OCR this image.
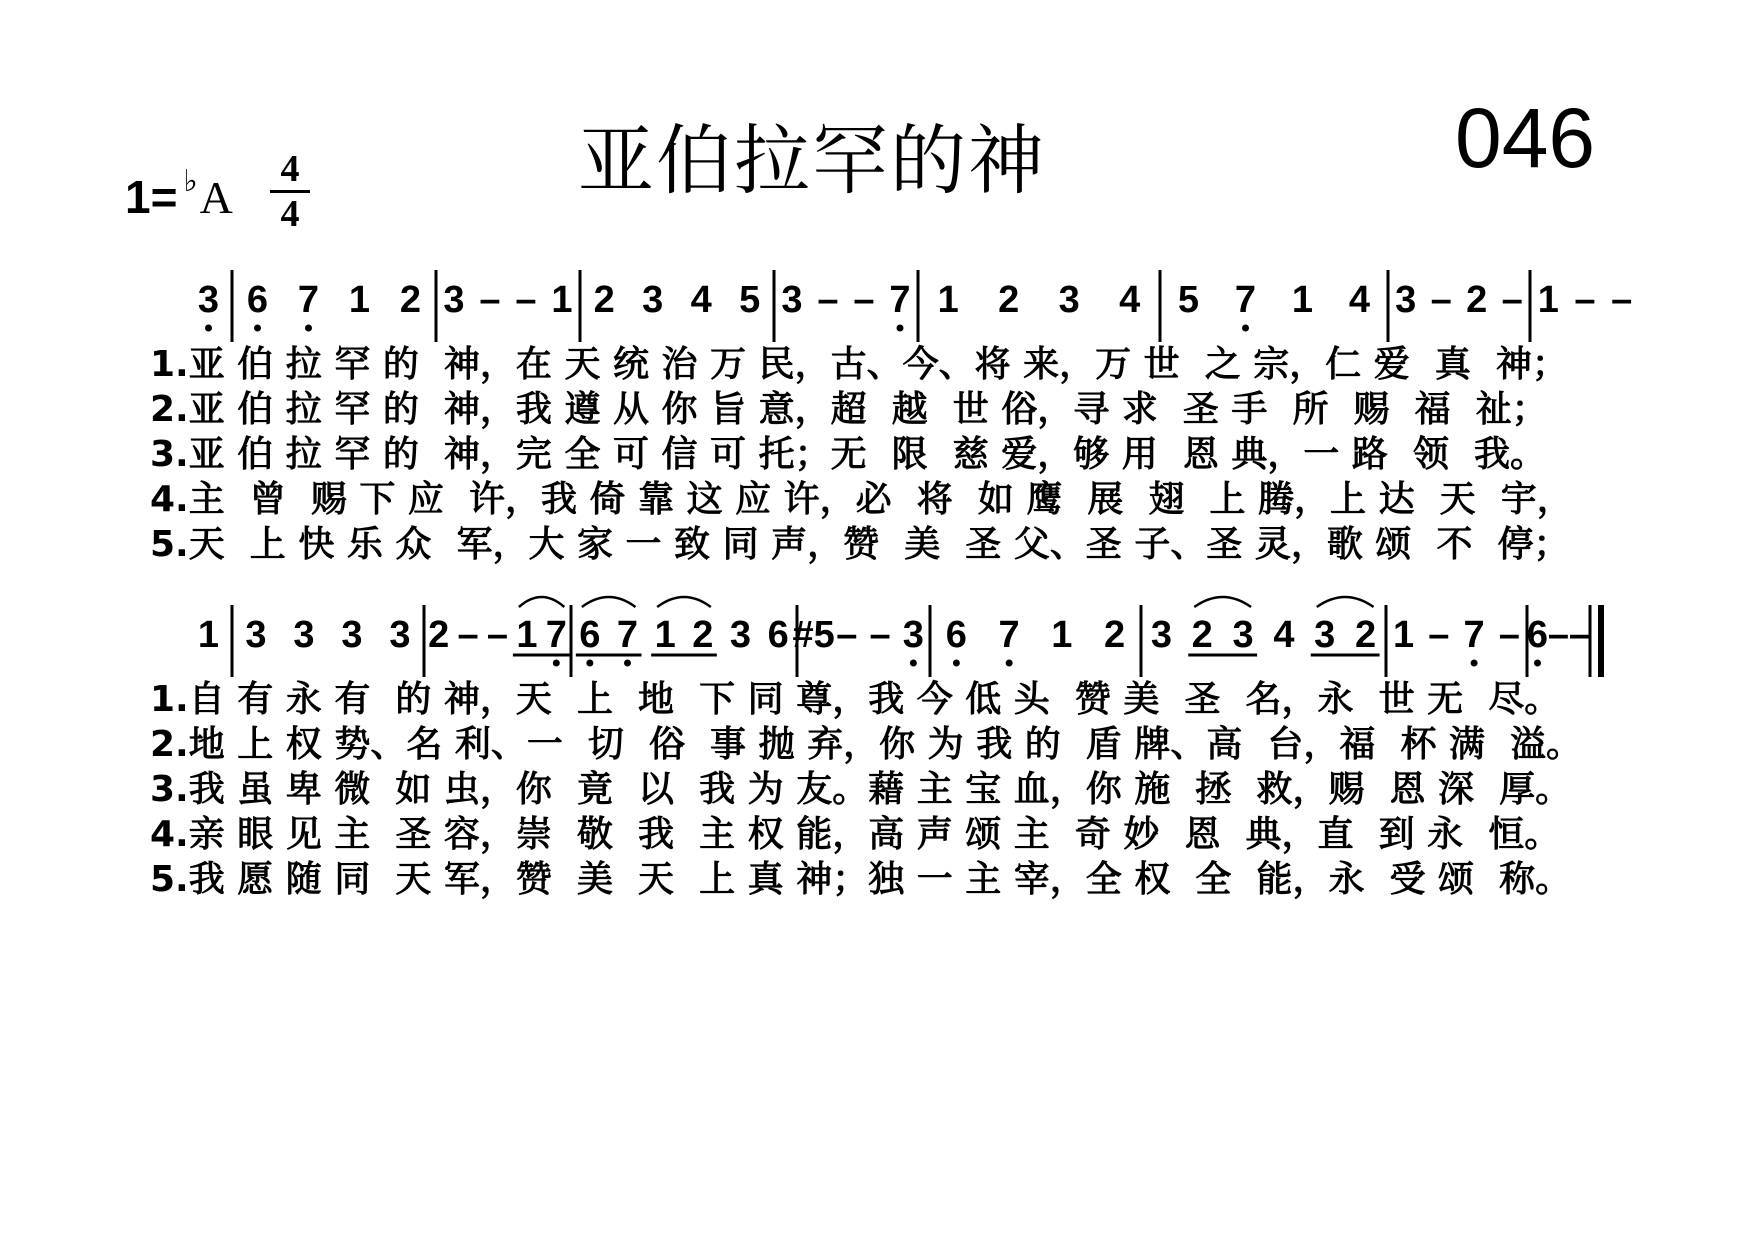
亚伯拉罕的神	046
1= ♭ A
4
4
3 6 7 1 2 3 – – 1 2 3 4 5 3 – – 7 1 2 3 4 5 7 1 4 3 – 2 – 1 – –
1 3 3 3 3 2 – – 1 7 6 7 1 2 3 6 #5 – – 3 6 7 1 2 3 2 3 4 3 2 1 – 7 – 6 – –
1.亚 伯 拉 罕 的  神，在 天 统 治 万 民，古、今、将 来，万 世  之 宗，仁 爱  真  神；
2.亚 伯 拉 罕 的  神，我 遵 从 你 旨 意，超  越  世 俗，寻 求  圣 手  所  赐  福  祉；
3.亚 伯 拉 罕 的  神，完 全 可 信 可 托；无  限  慈 爱，够 用  恩 典，一 路  领  我。
4.主  曾  赐 下 应  许，我 倚 靠 这 应 许，必  将  如 鹰  展  翅  上 腾，上 达  天  宇，
5.天  上 快 乐 众  军，大 家 一 致 同 声，赞  美  圣 父、圣 子、圣 灵，歌 颂  不  停；
1.自 有 永 有  的 神，天  上  地  下 同 尊，我 今 低 头  赞 美  圣  名，永  世 无  尽。
2.地 上 权 势、名 利、一  切  俗  事 抛 弃，你 为 我 的  盾 牌、高  台，福  杯 满  溢。
3.我 虽 卑 微  如 虫，你  竟  以  我 为 友。藉 主 宝 血，你 施  拯  救，赐  恩 深  厚。
4.亲 眼 见 主  圣 容，崇  敬  我  主 权 能，高 声 颂 主  奇 妙  恩  典，直  到 永  恒。
5.我 愿 随 同  天 军，赞  美  天  上 真 神；独 一 主 宰，全 权  全  能，永  受 颂  称。
